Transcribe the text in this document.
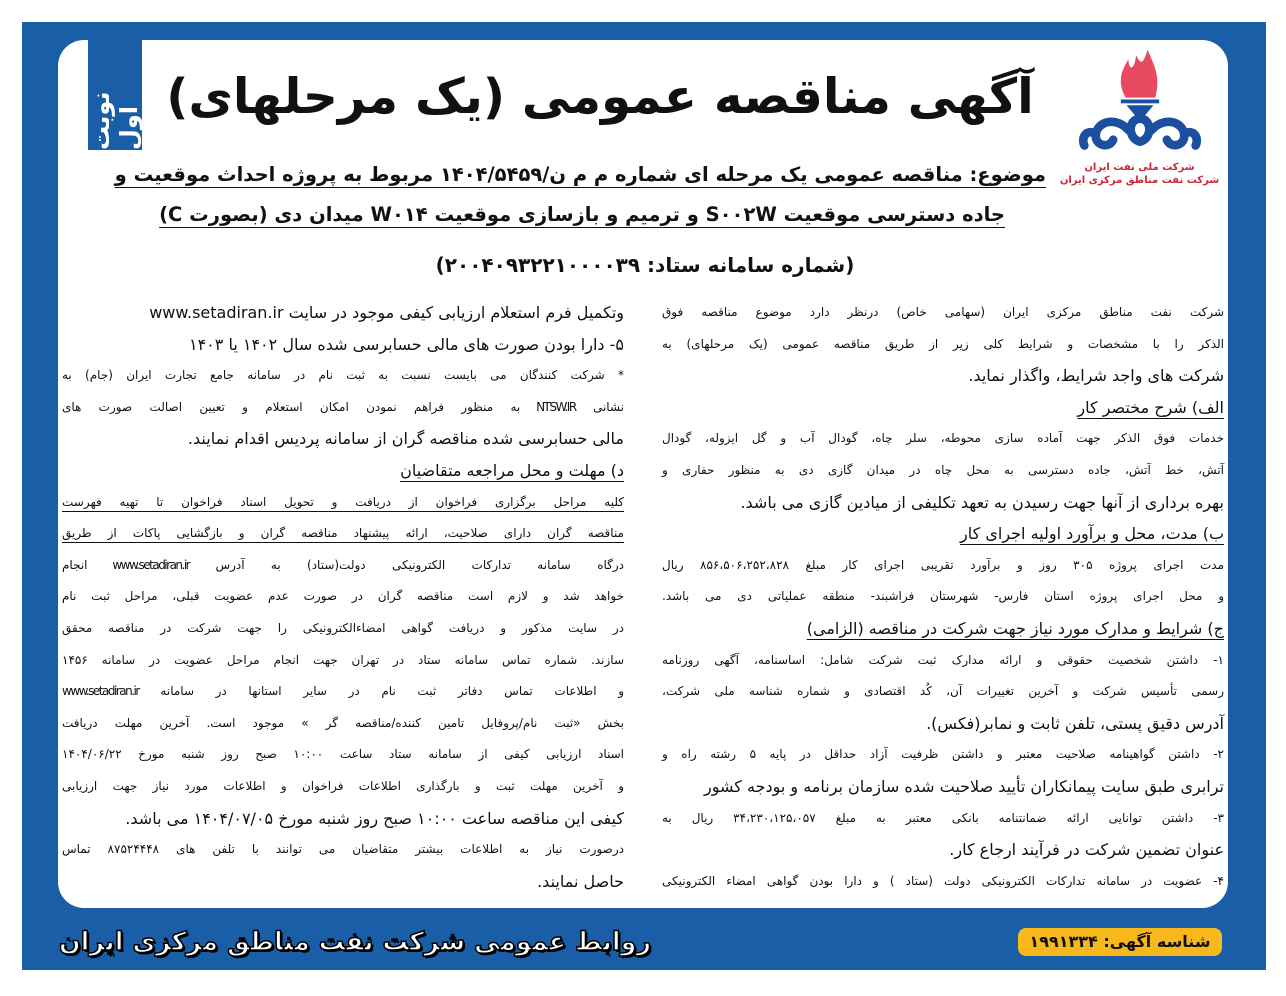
نوبت اول
آگهی مناقصه عمومی (یک مرحلهای)
شرکت ملی نفت ایران
شرکت نفت مناطق مرکزی ایران
موضوع: مناقصه عمومی یک مرحله ای شماره م م ن/۱۴۰۴/۵۴۵۹ مربوط به پروژه احداث موقعیت و
جاده دسترسی موقعیت S۰۰۲W و ترمیم و بازسازی موقعیت W۰۱۴ میدان دی (بصورت C)
(شماره سامانه ستاد: ۲۰۰۴۰۹۳۲۲۱۰۰۰۰۳۹)
شرکت نفت مناطق مرکزی ایران (سهامی خاص) درنظر دارد موضوع مناقصه فوق
الذکر را با مشخصات و شرایط کلی زیر از طریق مناقصه عمومی (یک مرحلهای) به
شرکت های واجد شرایط، واگذار نماید.
الف) شرح مختصر کار
خدمات فوق الذکر جهت آماده سازی محوطه، سلر چاه، گودال آب و گل ایزوله، گودال
آتش، خط آتش، جاده دسترسی به محل چاه در میدان گازی دی به منظور حفاری و
بهره برداری از آنها جهت رسیدن به تعهد تکلیفی از میادین گازی می باشد.
ب) مدت، محل و برآورد اولیه اجرای کار
مدت اجرای پروژه ۳۰۵ روز و برآورد تقریبی اجرای کار مبلغ ۸۵۶،۵۰۶،۲۵۲،۸۲۸ ریال
و محل اجرای پروژه استان فارس- شهرستان فراشبند- منطقه عملیاتی دی می باشد.
ج) شرایط و مدارک مورد نیاز جهت شرکت در مناقصه (الزامی)
۱- داشتن شخصیت حقوقی و ارائه مدارک ثبت شرکت شامل: اساسنامه، آگهی روزنامه
رسمی تأسیس شرکت و آخرین تغییرات آن، کُد اقتصادی و شماره شناسه ملی شرکت،
آدرس دقیق پستی، تلفن ثابت و نمابر(فکس).
۲- داشتن گواهینامه صلاحیت معتبر و داشتن ظرفیت آزاد حداقل در پایه ۵ رشته راه و
ترابری طبق سایت پیمانکاران تأیید صلاحیت شده سازمان برنامه و بودجه کشور
۳- داشتن توانایی ارائه ضمانتنامه بانکی معتبر به مبلغ ۳۴،۲۳۰،۱۲۵،۰۵۷ ریال به
عنوان تضمین شرکت در فرآیند ارجاع کار.
۴- عضویت در سامانه تدارکات الکترونیکی دولت (ستاد ) و دارا بودن گواهی امضاء الکترونیکی
وتکمیل فرم استعلام ارزیابی کیفی موجود در سایت www.setadiran.ir
۵- دارا بودن صورت های مالی حسابرسی شده سال ۱۴۰۲ یا ۱۴۰۳
* شرکت کنندگان می بایست نسبت به ثبت نام در سامانه جامع تجارت ایران (جام) به
نشانی NTSW.IR به منظور فراهم نمودن امکان استعلام و تعیین اصالت صورت های
مالی حسابرسی شده مناقصه گران از سامانه پردیس اقدام نمایند.
د) مهلت و محل مراجعه متقاضیان
کلیه مراحل برگزاری فراخوان از دریافت و تحویل اسناد فراخوان تا تهیه فهرست
مناقصه گران دارای صلاحیت، ارائه پیشنهاد مناقصه گران و بازگشایی پاکات از طریق
درگاه سامانه تدارکات الکترونیکی دولت(ستاد) به آدرس www.setadiran.ir انجام
خواهد شد و لازم است مناقصه گران در صورت عدم عضویت قبلی، مراحل ثبت نام
در سایت مذکور و دریافت گواهی امضاءالکترونیکی را جهت شرکت در مناقصه محقق
سازند. شماره تماس سامانه ستاد در تهران جهت انجام مراحل عضویت در سامانه ۱۴۵۶
و اطلاعات تماس دفاتر ثبت نام در سایر استانها در سامانه www.setadiran.ir
بخش «ثبت نام/پروفایل تامین کننده/مناقصه گر » موجود است. آخرین مهلت دریافت
اسناد ارزیابی کیفی از سامانه ستاد ساعت ۱۰:۰۰ صبح روز شنبه مورخ ۱۴۰۴/۰۶/۲۲
و آخرین مهلت ثبت و بارگذاری اطلاعات فراخوان و اطلاعات مورد نیاز جهت ارزیابی
کیفی این مناقصه ساعت ۱۰:۰۰ صبح روز شنبه مورخ ۱۴۰۴/۰۷/۰۵ می باشد.
درصورت نیاز به اطلاعات بیشتر متقاضیان می توانند با تلفن های ۸۷۵۲۴۴۴۸ تماس
حاصل نمایند.
روابط عمومی شرکت نفت مناطق مرکزی ایران	شناسه آگهی: ۱۹۹۱۳۳۴
